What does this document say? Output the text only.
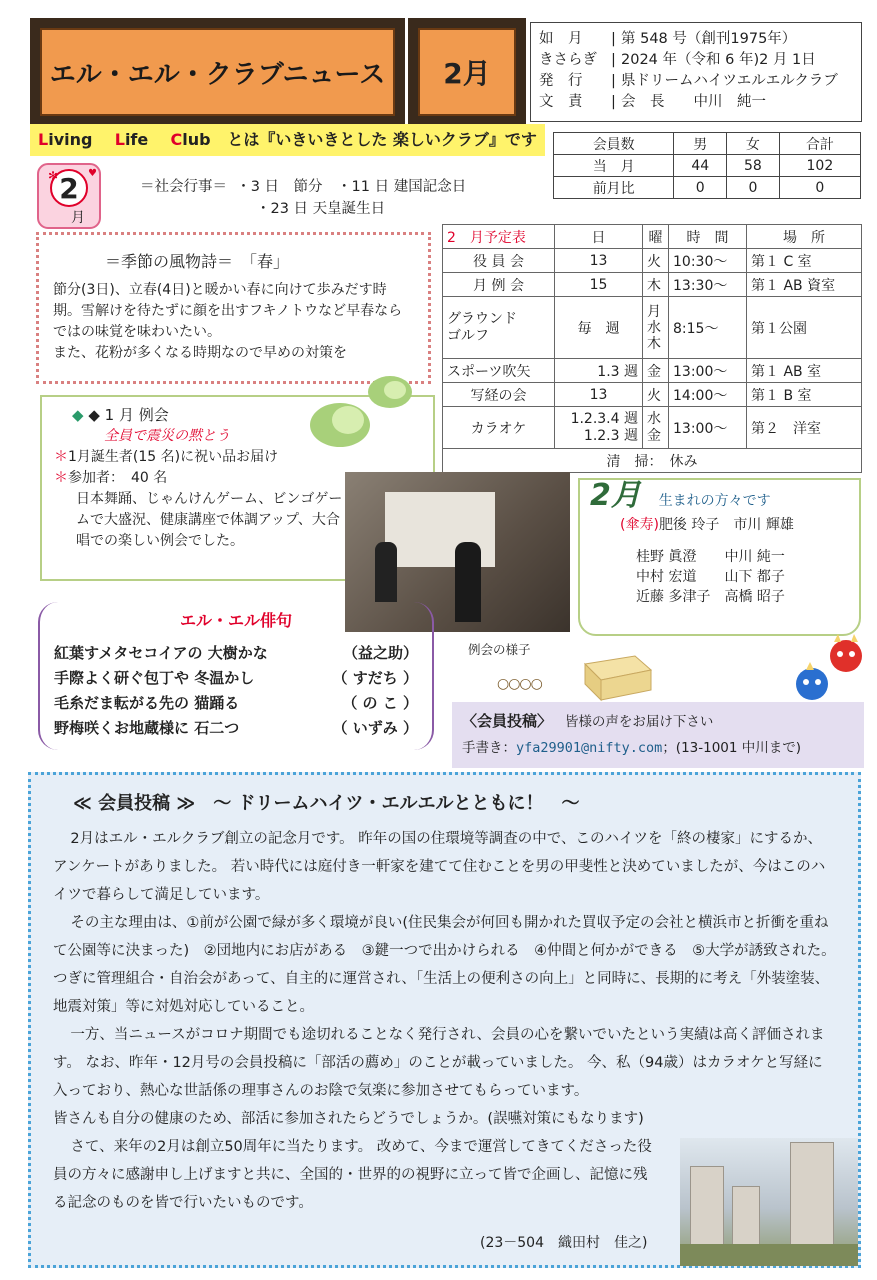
エル・エル・クラブニュース	2月
如　月	| 第 548 号（創刊1975年）
きさらぎ | 2024 年（令和 6 年)2 月 1日
発　行	| 県ドリームハイツエルエルクラブ
文　責	| 会　長　　中川　純一
Living Life Club とは『いきいきとした 楽しいクラブ』です	会員数	男	女	合計
当　月	44	58	102
前月比	0	0	0
2
月
✻	♥
＝社会行事＝ ・3 日　節分　・11 日 建国記念日
・23 日 天皇誕生日
＝季節の風物詩＝　「春」

節分(3日)、立春(4日)と暖かい春に向けて歩みだす時期。雪解けを待たずに顔を出すフキノトウなど早春ならではの味覚を味わいたい。
また、花粉が多くなる時期なので早めの対策を

2　月予定表	日	曜	時　間	場　所
役 員 会	13	火	10:30～	第１ C 室
月 例 会	15	木	13:30～	第１ AB 資室
グラウンド
ゴルフ	毎　週	月
水
木	8:15～	第１公園
スポーツ吹矢	1.3 週	金	13:00～	第１ AB 室
写経の会	13	火	14:00～	第１ B 室
カラオケ	1.2.3.4 週
1.2.3 週	水
金	13:00～	第２　洋室
清　掃：　休み				
◆ ◆ 1 月 例会
全員で震災の黙とう
＊1月誕生者(15 名)に祝い品お届け
＊参加者：　40 名
日本舞踊、じゃんけんゲーム、ビンゴゲームで大盛況、健康講座で体調アップ、大合唱での楽しい例会でした。
例会の様子
2月 生まれの方々です
(傘寿)肥後 玲子　市川 輝雄
桂野 眞澄　　中川 純一
中村 宏道　　山下 都子
近藤 多津子　高橋 昭子
○○○○
エル・エル俳句
紅葉すメタセコイアの 大樹かな	（益之助）
手際よく研ぐ包丁や 冬温かし	（ すだち ）
毛糸だま転がる先の 猫踊る	（ の こ ）
野梅咲くお地蔵様に 石二つ	（ いずみ ）	〈会員投稿〉 皆様の声をお届け下さい
手書き：yfa29901@nifty.com；(13-1001 中川まで)
≪ 会員投稿 ≫　～ ドリームハイツ・エルエルとともに！　～

2月はエル・エルクラブ創立の記念月です。 昨年の国の住環境等調査の中で、このハイツを「終の棲家」にするか、アンケートがありました。 若い時代には庭付き一軒家を建てて住むことを男の甲斐性と決めていましたが、今はこのハイツで暮らして満足しています。

その主な理由は、①前が公園で緑が多く環境が良い(住民集会が何回も開かれた買収予定の会社と横浜市と折衝を重ねて公園等に決まった)　②団地内にお店がある　③鍵一つで出かけられる　④仲間と何かができる　⑤大学が誘致された。　つぎに管理組合・自治会があって、自主的に運営され、「生活上の便利さの向上」と同時に、長期的に考え「外装塗装、地震対策」等に対処対応していること。

一方、当ニュースがコロナ期間でも途切れることなく発行され、会員の心を繋いでいたという実績は高く評価されます。 なお、昨年・12月号の会員投稿に「部活の薦め」のことが載っていました。 今、私（94歳）はカラオケと写経に入っており、熱心な世話係の理事さんのお陰で気楽に参加させてもらっています。

皆さんも自分の健康のため、部活に参加されたらどうでしょうか。(誤嚥対策にもなります)

さて、来年の2月は創立50周年に当たります。 改めて、今まで運営してきてくださった役員の方々に感謝申し上げますと共に、全国的・世界的の視野に立って皆で企画し、記憶に残る記念のものを皆で行いたいものです。

(23－504　織田村　佳之)
